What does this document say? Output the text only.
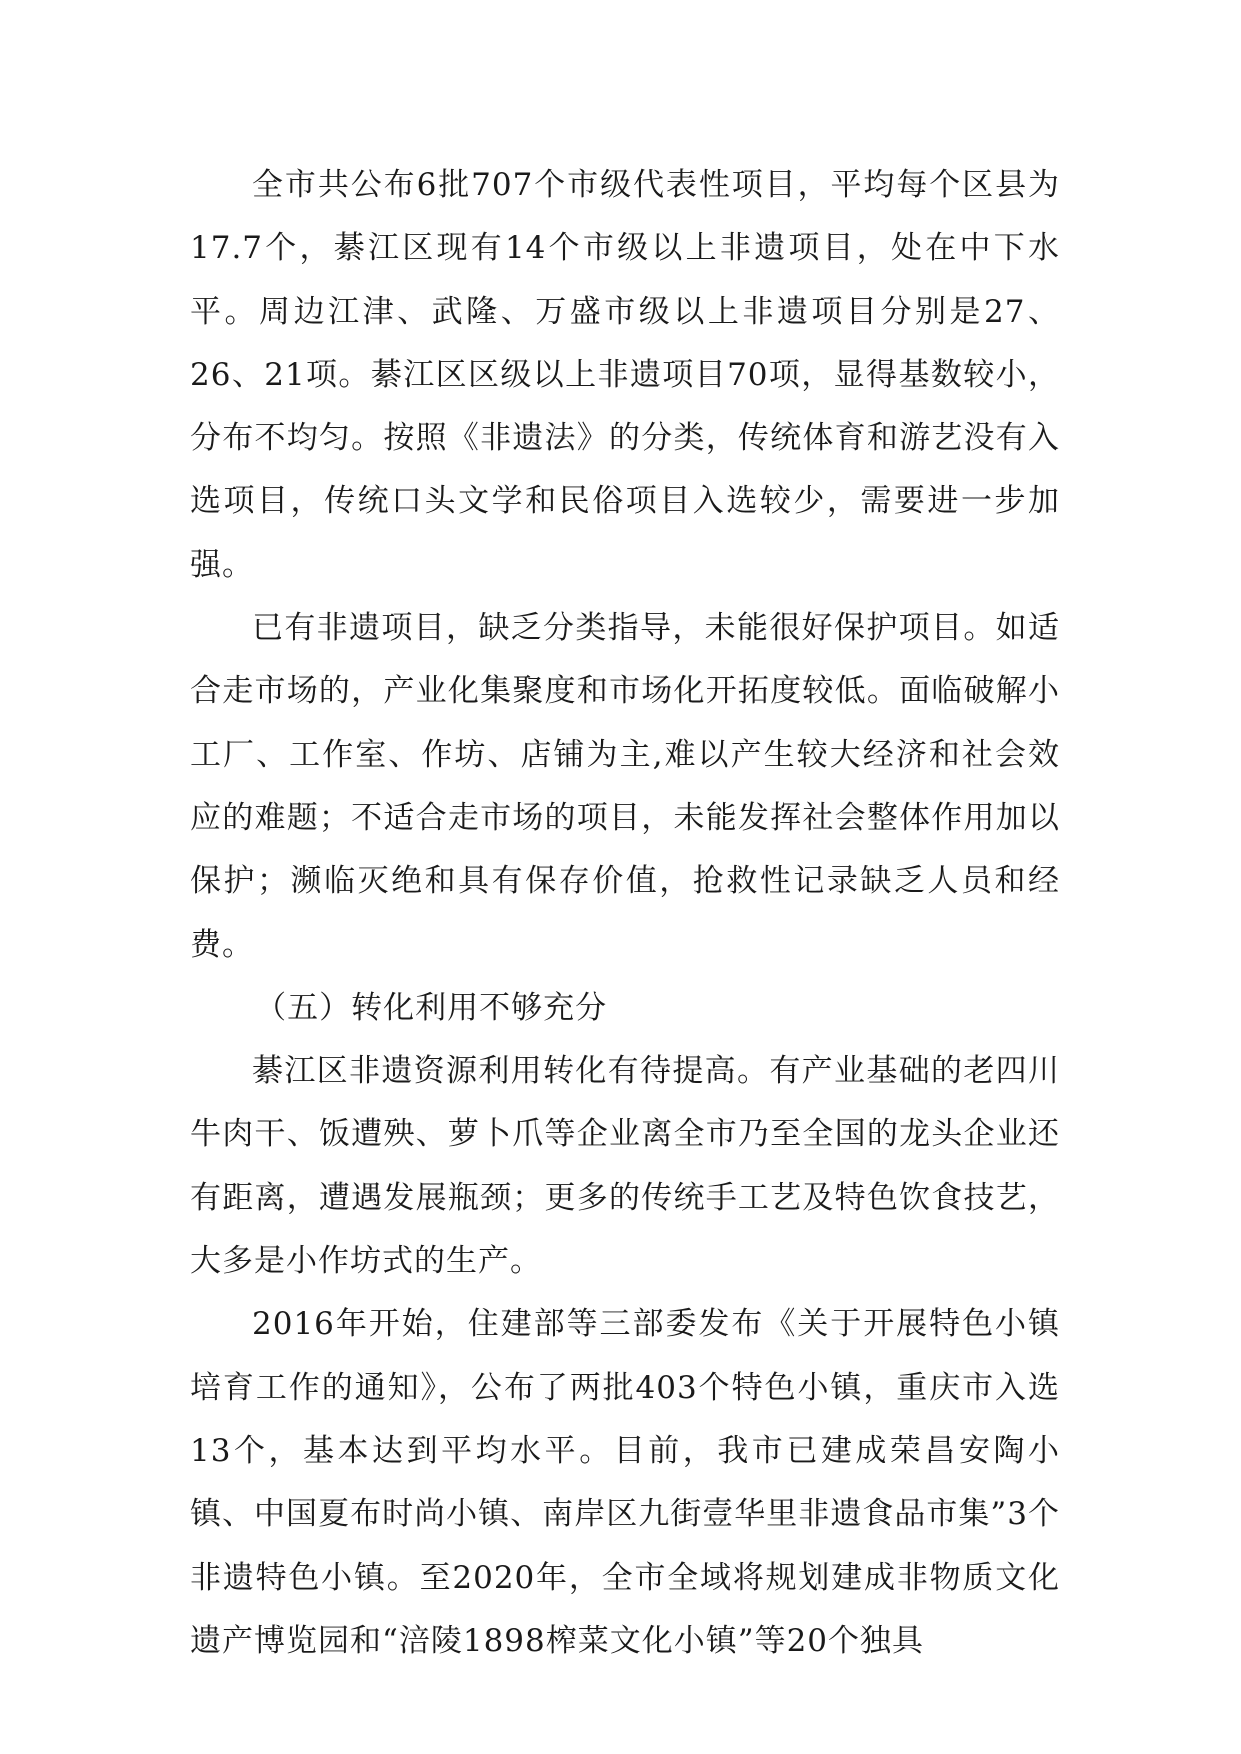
全市共公布6批707个市级代表性项目，平均每个区县为17.7个，綦江区现有14个市级以上非遗项目，处在中下水平。周边江津、武隆、万盛市级以上非遗项目分别是27、26、21项。綦江区区级以上非遗项目70项，显得基数较小，分布不均匀。按照《非遗法》的分类，传统体育和游艺没有入选项目，传统口头文学和民俗项目入选较少，需要进一步加强。

已有非遗项目，缺乏分类指导，未能很好保护项目。如适合走市场的，产业化集聚度和市场化开拓度较低。面临破解小工厂、工作室、作坊、店铺为主,难以产生较大经济和社会效应的难题；不适合走市场的项目，未能发挥社会整体作用加以保护；濒临灭绝和具有保存价值，抢救性记录缺乏人员和经费。

（五）转化利用不够充分

綦江区非遗资源利用转化有待提高。有产业基础的老四川牛肉干、饭遭殃、萝卜爪等企业离全市乃至全国的龙头企业还有距离，遭遇发展瓶颈；更多的传统手工艺及特色饮食技艺，大多是小作坊式的生产。

2016年开始，住建部等三部委发布《关于开展特色小镇培育工作的通知》，公布了两批403个特色小镇，重庆市入选13个，基本达到平均水平。目前，我市已建成荣昌安陶小镇、中国夏布时尚小镇、南岸区九街壹华里非遗食品市集”3个非遗特色小镇。至2020年，全市全域将规划建成非物质文化遗产博览园和“涪陵1898榨菜文化小镇”等20个独具
